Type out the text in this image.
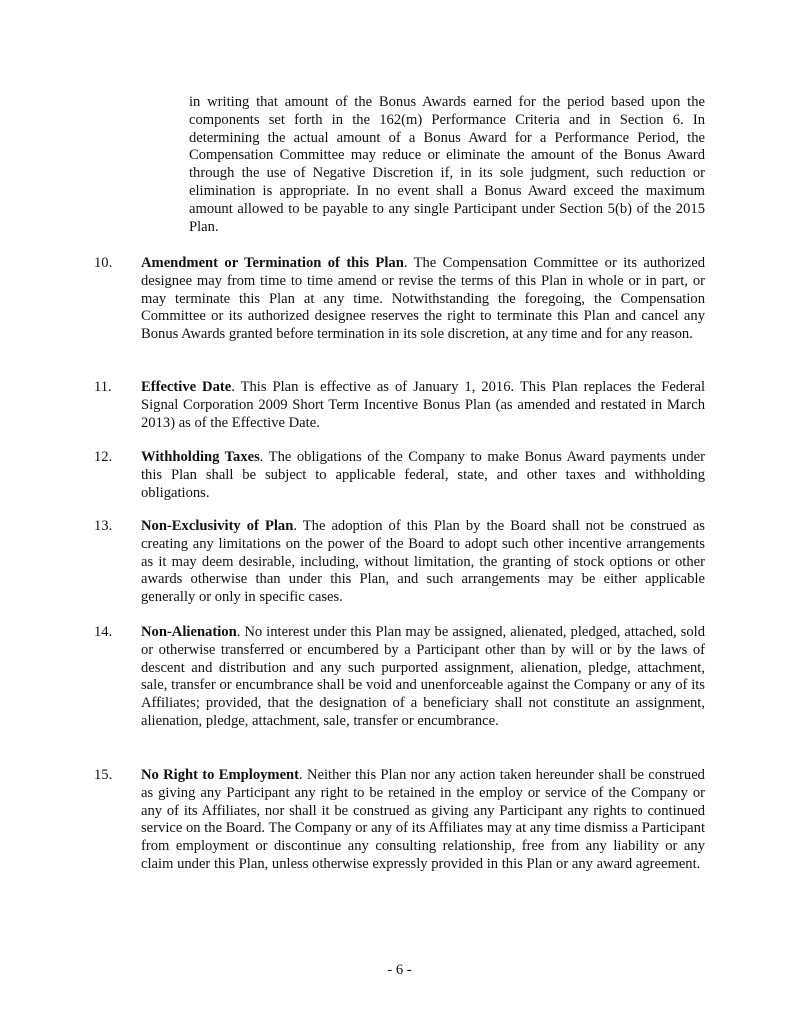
in writing that amount of the Bonus Awards earned for the period based upon the components set forth in the 162(m) Performance Criteria and in Section 6. In determining the actual amount of a Bonus Award for a Performance Period, the Compensation Committee may reduce or eliminate the amount of the Bonus Award through the use of Negative Discretion if, in its sole judgment, such reduction or elimination is appropriate. In no event shall a Bonus Award exceed the maximum amount allowed to be payable to any single Participant under Section 5(b) of the 2015 Plan.

10. Amendment or Termination of this Plan. The Compensation Committee or its authorized designee may from time to time amend or revise the terms of this Plan in whole or in part, or may terminate this Plan at any time. Notwithstanding the foregoing, the Compensation Committee or its authorized designee reserves the right to terminate this Plan and cancel any Bonus Awards granted before termination in its sole discretion, at any time and for any reason.

11. Effective Date. This Plan is effective as of January 1, 2016. This Plan replaces the Federal Signal Corporation 2009 Short Term Incentive Bonus Plan (as amended and restated in March 2013) as of the Effective Date.

12. Withholding Taxes. The obligations of the Company to make Bonus Award payments under this Plan shall be subject to applicable federal, state, and other taxes and withholding obligations.

13. Non-Exclusivity of Plan. The adoption of this Plan by the Board shall not be construed as creating any limitations on the power of the Board to adopt such other incentive arrangements as it may deem desirable, including, without limitation, the granting of stock options or other awards otherwise than under this Plan, and such arrangements may be either applicable generally or only in specific cases.

14. Non-Alienation. No interest under this Plan may be assigned, alienated, pledged, attached, sold or otherwise transferred or encumbered by a Participant other than by will or by the laws of descent and distribution and any such purported assignment, alienation, pledge, attachment, sale, transfer or encumbrance shall be void and unenforceable against the Company or any of its Affiliates; provided, that the designation of a beneficiary shall not constitute an assignment, alienation, pledge, attachment, sale, transfer or encumbrance.

15. No Right to Employment. Neither this Plan nor any action taken hereunder shall be construed as giving any Participant any right to be retained in the employ or service of the Company or any of its Affiliates, nor shall it be construed as giving any Participant any rights to continued service on the Board. The Company or any of its Affiliates may at any time dismiss a Participant from employment or discontinue any consulting relationship, free from any liability or any claim under this Plan, unless otherwise expressly provided in this Plan or any award agreement.

- 6 -
